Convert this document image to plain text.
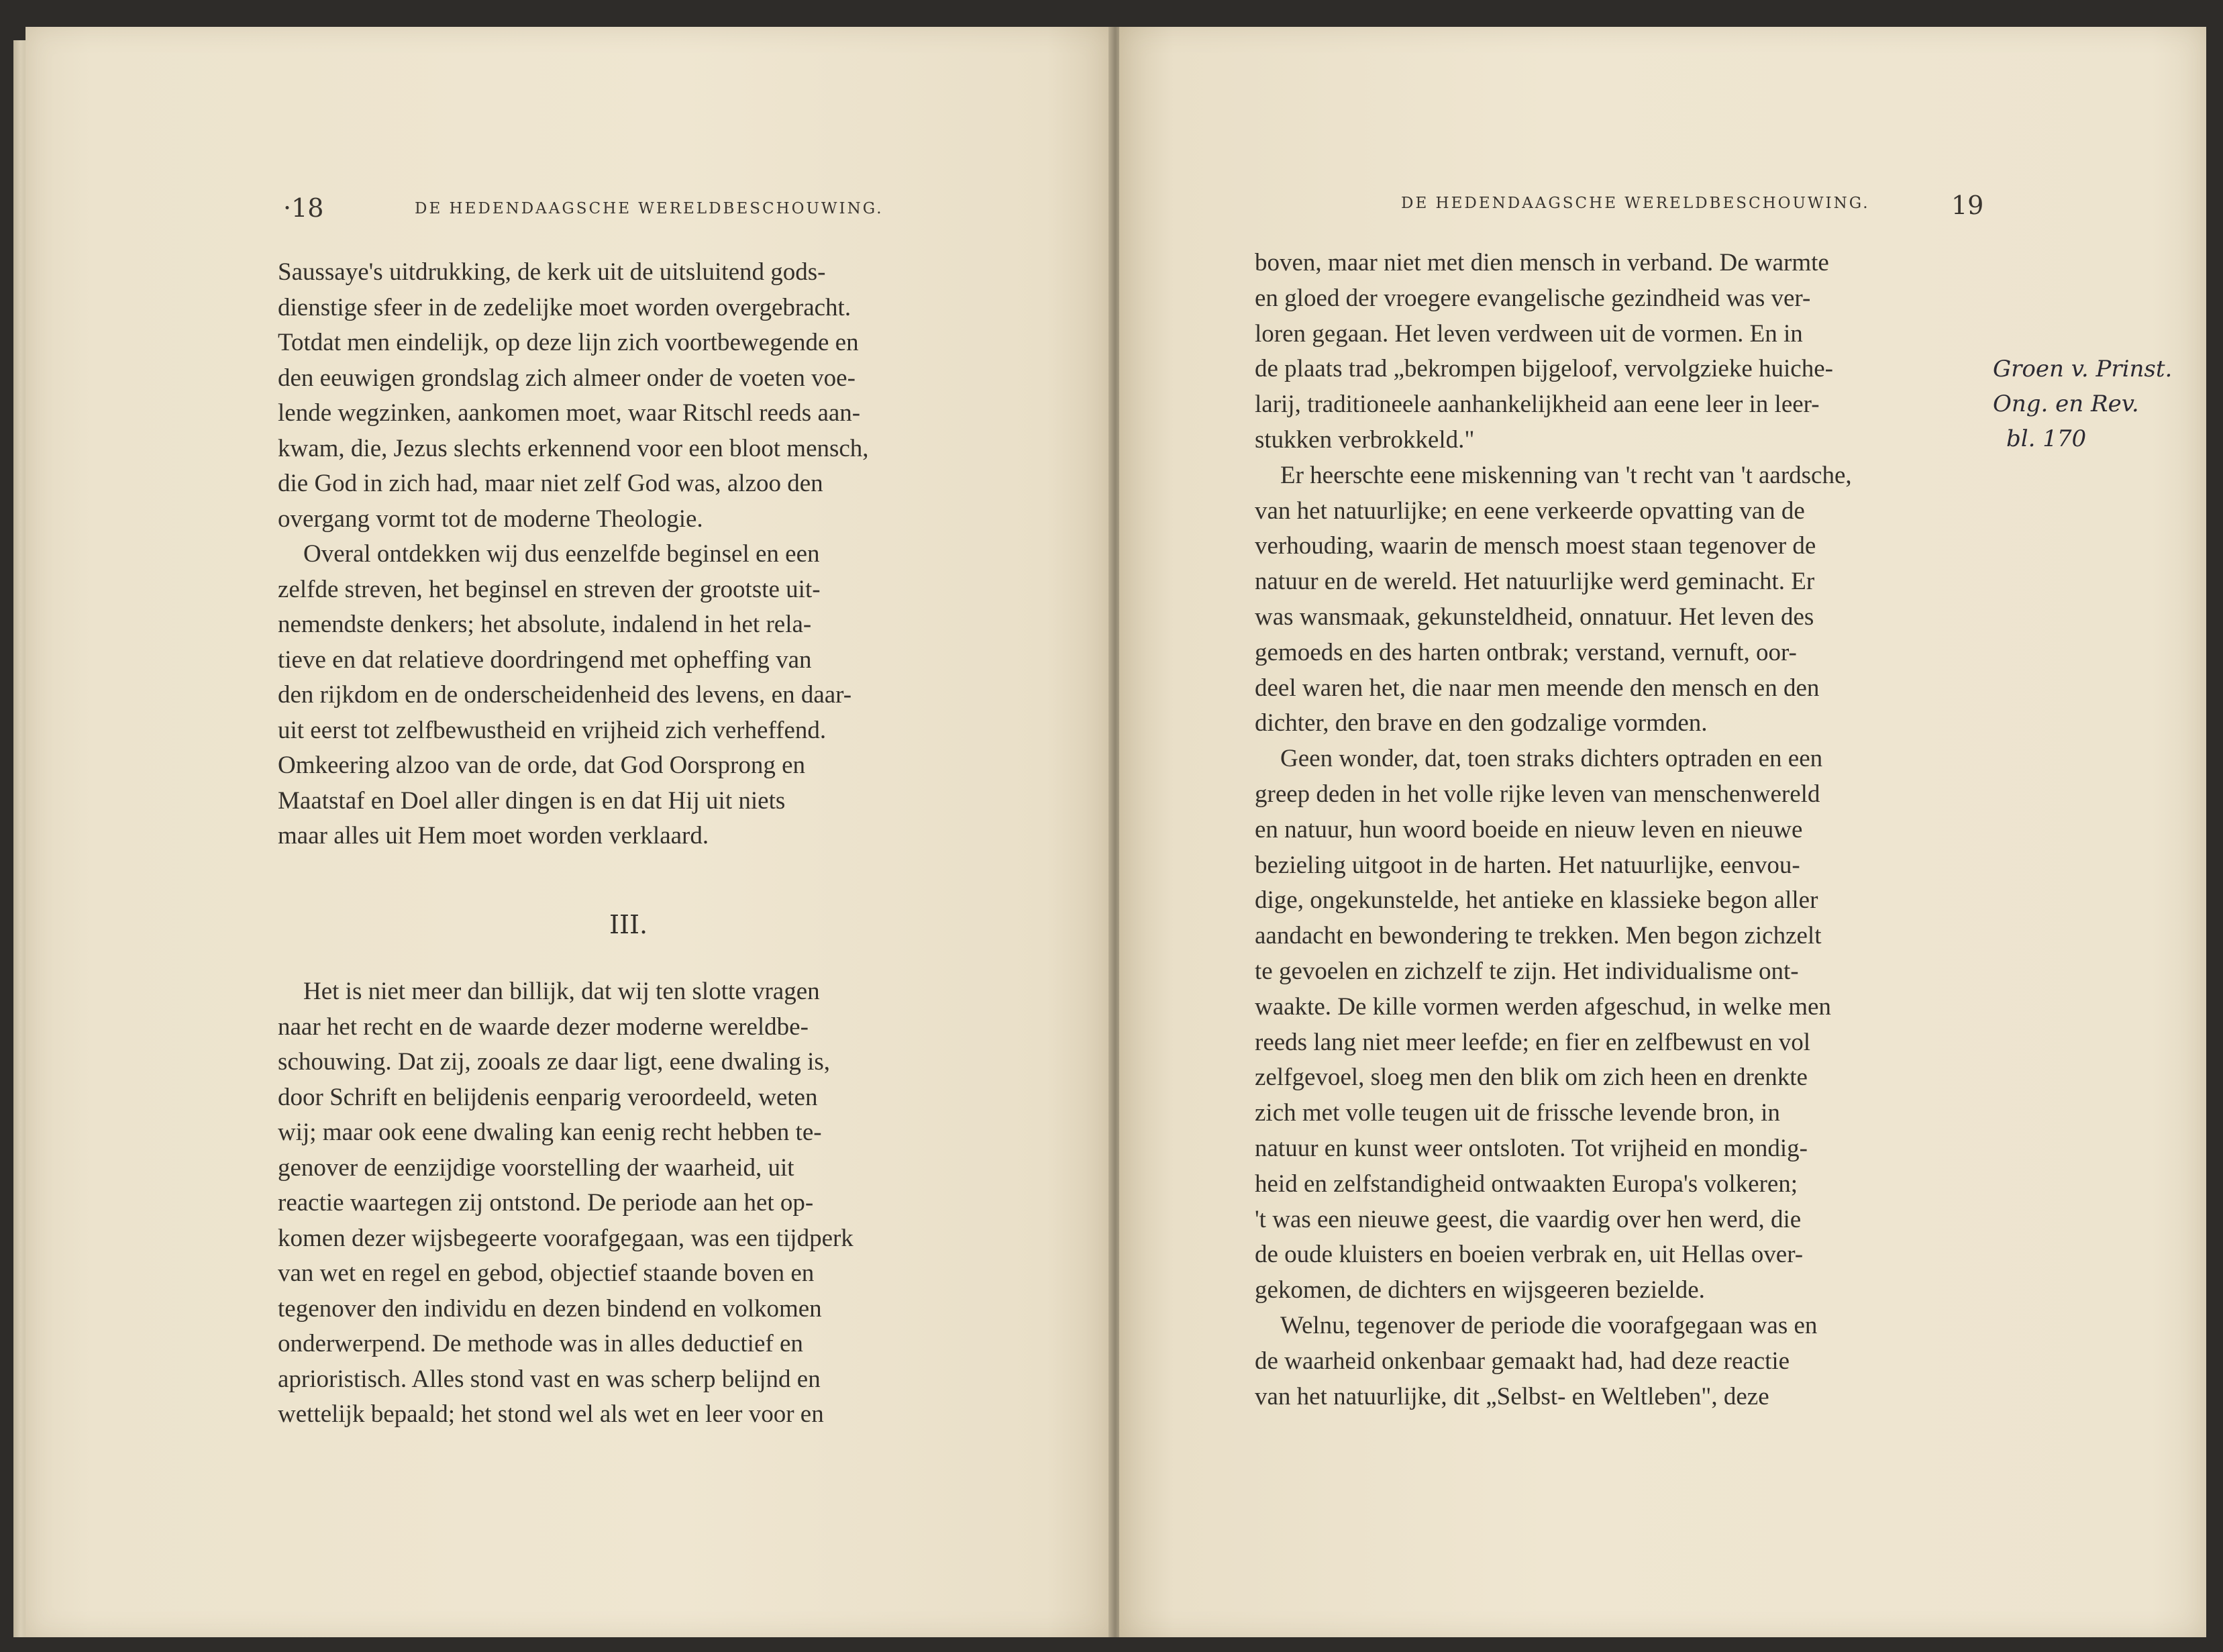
·18	DE HEDENDAAGSCHE WERELDBESCHOUWING.
Saussaye's uitdrukking, de kerk uit de uitsluitend gods-
dienstige sfeer in de zedelijke moet worden overgebracht.
Totdat men eindelijk, op deze lijn zich voortbewegende en
den eeuwigen grondslag zich almeer onder de voeten voe-
lende wegzinken, aankomen moet, waar Ritschl reeds aan-
kwam, die, Jezus slechts erkennend voor een bloot mensch,
die God in zich had, maar niet zelf God was, alzoo den
overgang vormt tot de moderne Theologie.
Overal ontdekken wij dus eenzelfde beginsel en een
zelfde streven, het beginsel en streven der grootste uit-
nemendste denkers; het absolute, indalend in het rela-
tieve en dat relatieve doordringend met opheffing van
den rijkdom en de onderscheidenheid des levens, en daar-
uit eerst tot zelfbewustheid en vrijheid zich verheffend.
Omkeering alzoo van de orde, dat God Oorsprong en
Maatstaf en Doel aller dingen is en dat Hij uit niets
maar alles uit Hem moet worden verklaard.
III.
Het is niet meer dan billijk, dat wij ten slotte vragen
naar het recht en de waarde dezer moderne wereldbe-
schouwing. Dat zij, zooals ze daar ligt, eene dwaling is,
door Schrift en belijdenis eenparig veroordeeld, weten
wij; maar ook eene dwaling kan eenig recht hebben te-
genover de eenzijdige voorstelling der waarheid, uit
reactie waartegen zij ontstond. De periode aan het op-
komen dezer wijsbegeerte voorafgegaan, was een tijdperk
van wet en regel en gebod, objectief staande boven en
tegenover den individu en dezen bindend en volkomen
onderwerpend. De methode was in alles deductief en
aprioristisch. Alles stond vast en was scherp belijnd en
wettelijk bepaald; het stond wel als wet en leer voor en
DE HEDENDAAGSCHE WERELDBESCHOUWING.	19
boven, maar niet met dien mensch in verband. De warmte
en gloed der vroegere evangelische gezindheid was ver-
loren gegaan. Het leven verdween uit de vormen. En in
de plaats trad „bekrompen bijgeloof, vervolgzieke huiche-
larij, traditioneele aanhankelijkheid aan eene leer in leer-
stukken verbrokkeld."
Er heerschte eene miskenning van 't recht van 't aardsche,
van het natuurlijke; en eene verkeerde opvatting van de
verhouding, waarin de mensch moest staan tegenover de
natuur en de wereld. Het natuurlijke werd geminacht. Er
was wansmaak, gekunsteldheid, onnatuur. Het leven des
gemoeds en des harten ontbrak; verstand, vernuft, oor-
deel waren het, die naar men meende den mensch en den
dichter, den brave en den godzalige vormden.
Geen wonder, dat, toen straks dichters optraden en een
greep deden in het volle rijke leven van menschenwereld
en natuur, hun woord boeide en nieuw leven en nieuwe
bezieling uitgoot in de harten. Het natuurlijke, eenvou-
dige, ongekunstelde, het antieke en klassieke begon aller
aandacht en bewondering te trekken. Men begon zichzelt
te gevoelen en zichzelf te zijn. Het individualisme ont-
waakte. De kille vormen werden afgeschud, in welke men
reeds lang niet meer leefde; en fier en zelfbewust en vol
zelfgevoel, sloeg men den blik om zich heen en drenkte
zich met volle teugen uit de frissche levende bron, in
natuur en kunst weer ontsloten. Tot vrijheid en mondig-
heid en zelfstandigheid ontwaakten Europa's volkeren;
't was een nieuwe geest, die vaardig over hen werd, die
de oude kluisters en boeien verbrak en, uit Hellas over-
gekomen, de dichters en wijsgeeren bezielde.
Welnu, tegenover de periode die voorafgegaan was en
de waarheid onkenbaar gemaakt had, had deze reactie
van het natuurlijke, dit „Selbst- en Weltleben", deze
Groen v. Prinst.
Ong. en Rev.
bl. 170
